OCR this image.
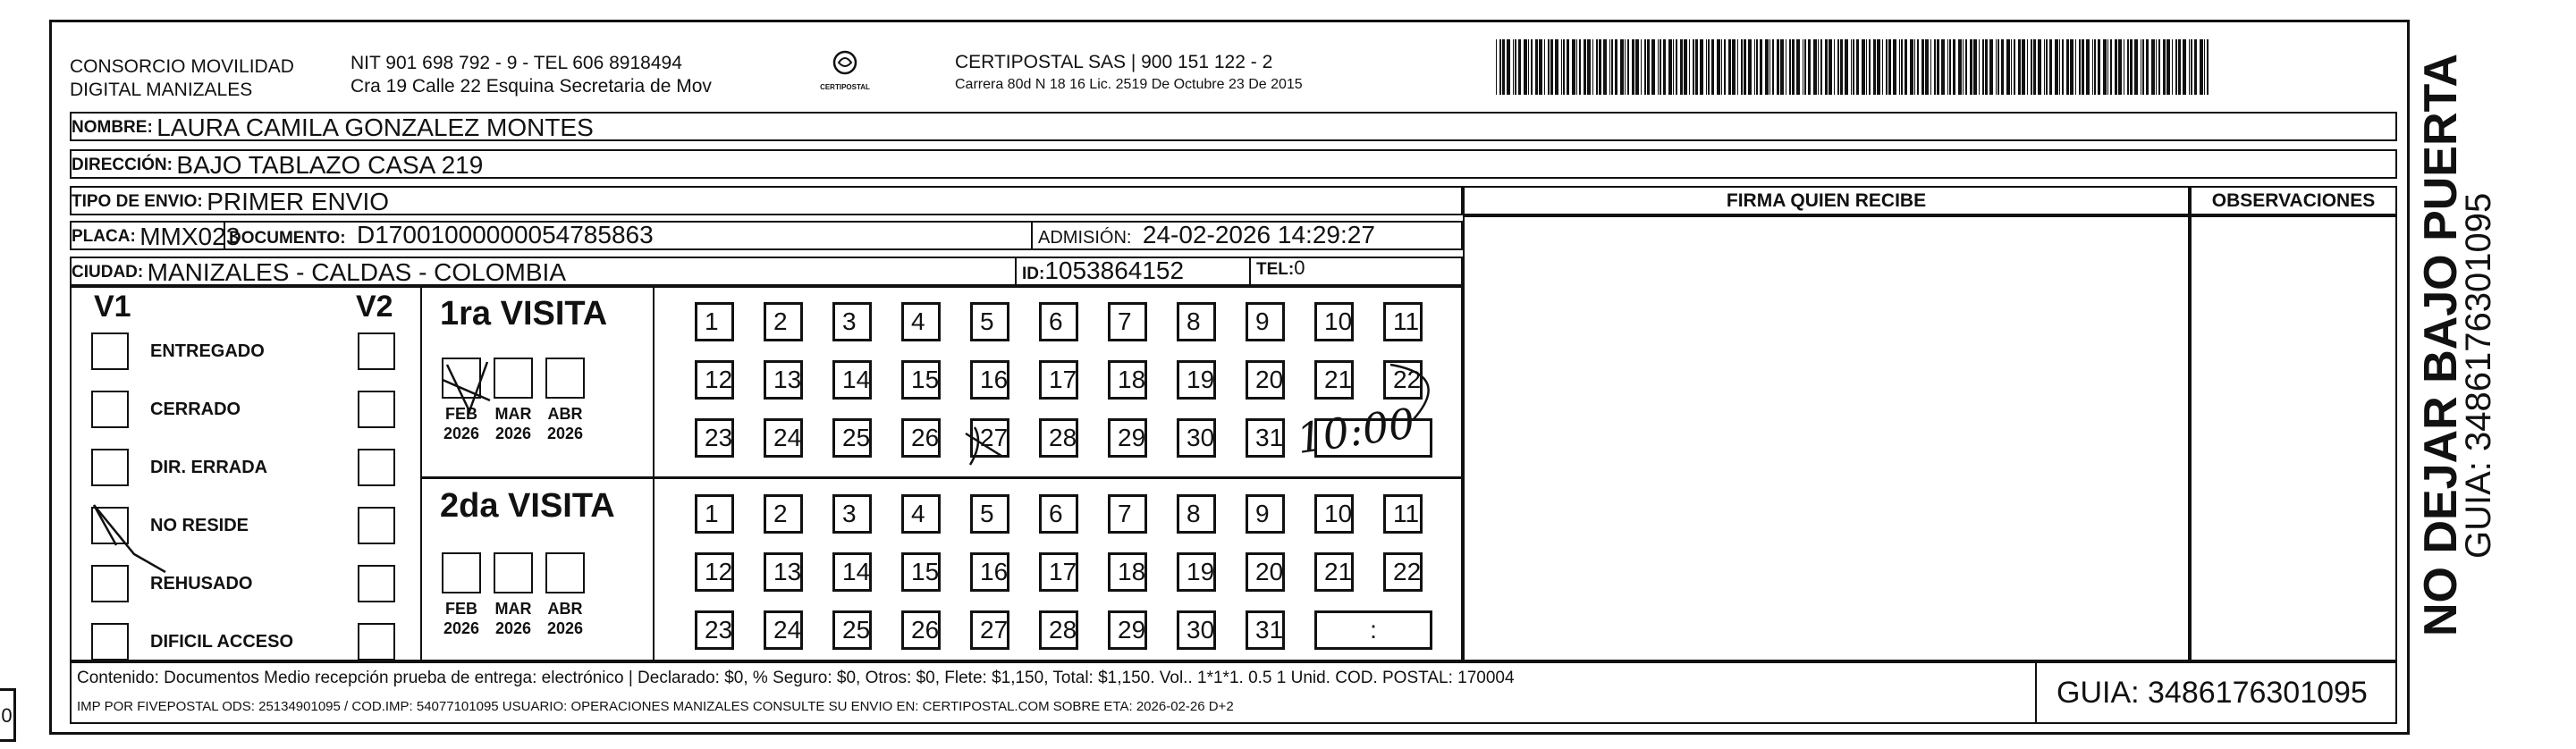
CONSORCIO MOVILIDAD
DIGITAL MANIZALES
NIT 901 698 792 - 9 - TEL 606 8918494
Cra 19 Calle 22 Esquina Secretaria de Mov	CERTIPOSTAL
CERTIPOSTAL SAS | 900 151 122 - 2
Carrera 80d N 18 16 Lic. 2519 De Octubre 23 De 2015
NOMBRE: LAURA CAMILA GONZALEZ MONTES
DIRECCIÓN: BAJO TABLAZO CASA 219
TIPO DE ENVIO: PRIMER ENVIO	FIRMA QUIEN RECIBE	OBSERVACIONES
PLACA: MMX023
DOCUMENTO: D17001000000054785863	ADMISIÓN: 24-02-2026 14:29:27
CIUDAD: MANIZALES - CALDAS - COLOMBIA	ID:1053864152	TEL:0
V1	V2
ENTREGADO
CERRADO
DIR. ERRADA
NO RESIDE
REHUSADO
DIFICIL ACCESO
1ra VISITA
2da VISITA
FEB
2026
MAR
2026
ABR
2026
FEB
2026
MAR
2026
ABR
2026
1	2	3	4	5	6	7	8	9	10	11
12	13	14	15	16	17	18	19	20	21	22
23	24	25	26	27	28	29	30	31
1	2	3	4	5	6	7	8	9	10	11
12	13	14	15	16	17	18	19	20	21	22
23	24	25	26	27	28	29	30	31	:
10:00
Contenido: Documentos Medio recepción prueba de entrega: electrónico | Declarado: $0, % Seguro: $0, Otros: $0, Flete: $1,150, Total: $1,150. Vol.. 1*1*1. 0.5 1 Unid. COD. POSTAL: 170004
IMP POR FIVEPOSTAL ODS: 25134901095 / COD.IMP: 54077101095 USUARIO: OPERACIONES MANIZALES CONSULTE SU ENVIO EN: CERTIPOSTAL.COM SOBRE ETA: 2026-02-26 D+2	GUIA: 3486176301095
NO DEJAR BAJO PUERTA
GUIA: 3486176301095
0
